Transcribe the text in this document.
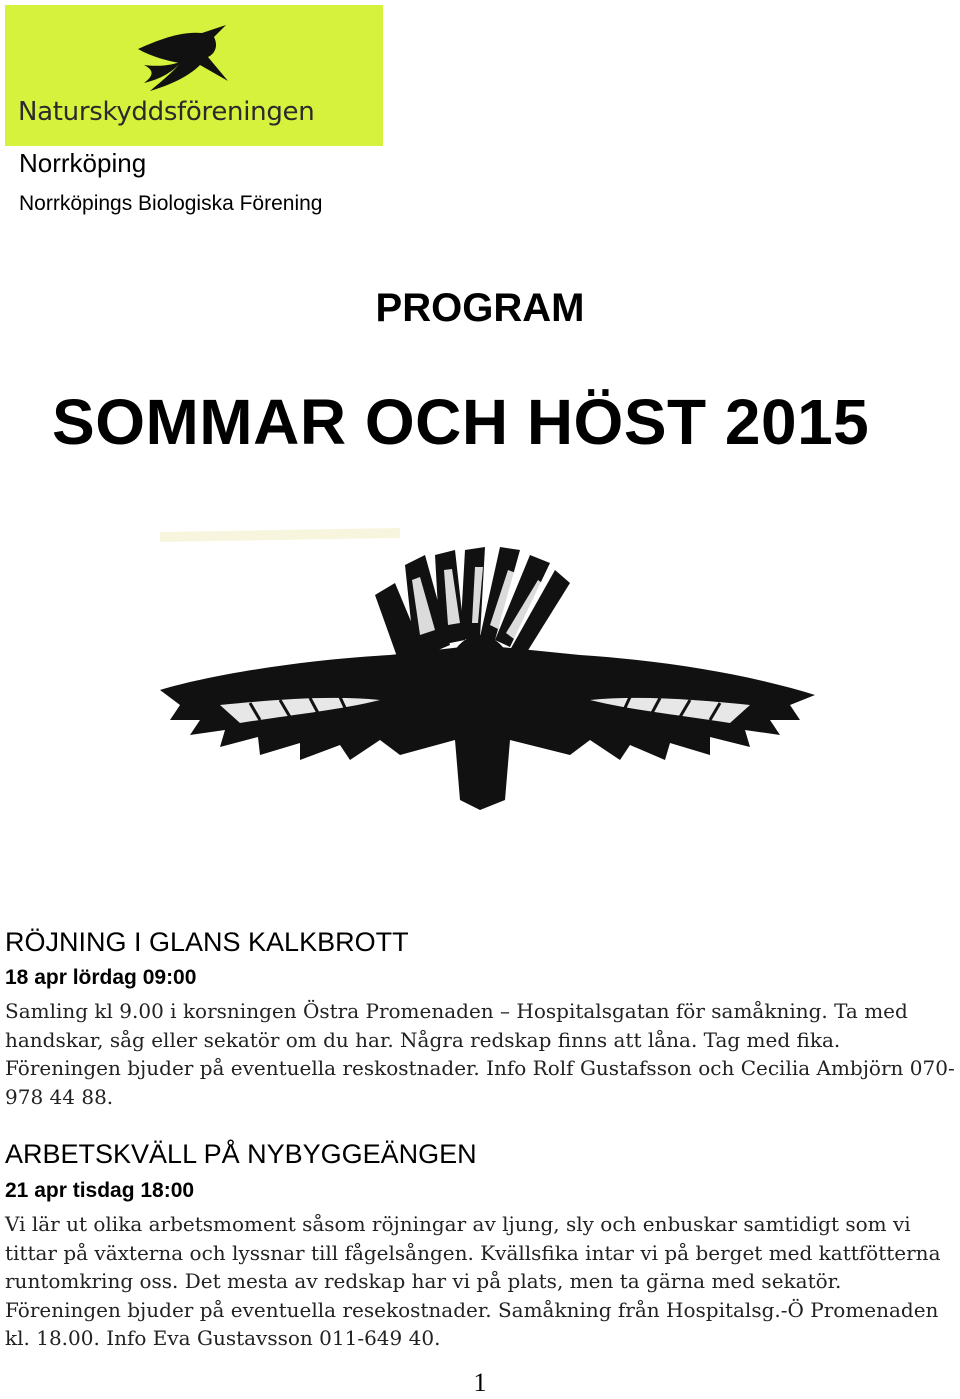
Naturskyddsföreningen
Norrköping
Norrköpings Biologiska Förening
PROGRAM
SOMMAR OCH HÖST 2015
RÖJNING I GLANS KALKBROTT
18 apr lördag 09:00
Samling kl 9.00 i korsningen Östra Promenaden – Hospitalsgatan för samåkning. Ta med handskar, såg eller sekatör om du har. Några redskap finns att låna. Tag med fika. Föreningen bjuder på eventuella reskostnader. Info Rolf Gustafsson och Cecilia Ambjörn 070-978 44 88.
ARBETSKVÄLL PÅ NYBYGGEÄNGEN
21 apr tisdag 18:00
Vi lär ut olika arbetsmoment såsom röjningar av ljung, sly och enbuskar samtidigt som vi tittar på växterna och lyssnar till fågelsången. Kvällsfika intar vi på berget med kattfötterna runtomkring oss. Det mesta av redskap har vi på plats, men ta gärna med sekatör. Föreningen bjuder på eventuella resekostnader. Samåkning från Hospitalsg.-Ö Promenaden kl. 18.00. Info Eva Gustavsson 011-649 40.
1
